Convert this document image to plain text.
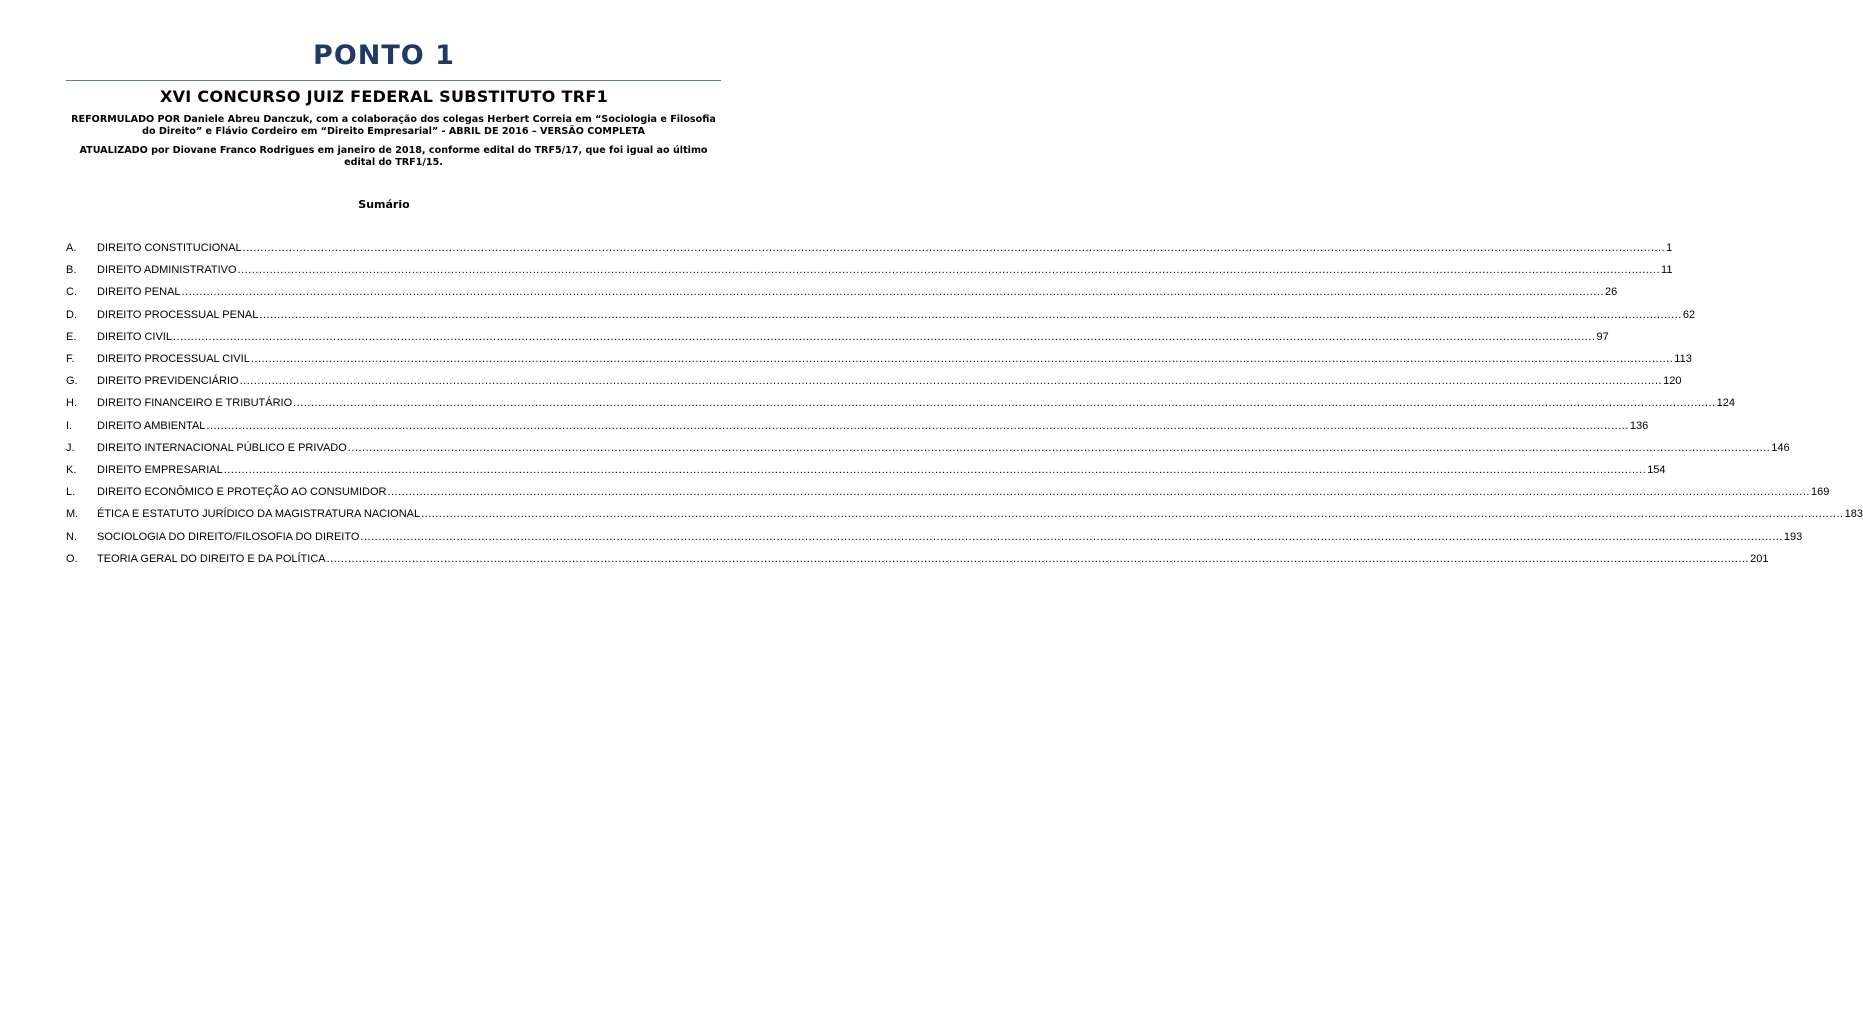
PONTO 1
XVI CONCURSO JUIZ FEDERAL SUBSTITUTO TRF1

REFORMULADO POR Daniele Abreu Danczuk, com a colaboração dos colegas Herbert Correia em “Sociologia e Filosofia do Direito” e Flávio Cordeiro em “Direito Empresarial” - ABRIL DE 2016 – VERSÃO COMPLETA

ATUALIZADO por Diovane Franco Rodrigues em janeiro de 2018, conforme edital do TRF5/17, que foi igual ao último edital do TRF1/15.

Sumário
A.	DIREITO CONSTITUCIONAL ................................................................................................................................................................................................................................................................................................................................................................................................................ 1
B.	DIREITO ADMINISTRATIVO ................................................................................................................................................................................................................................................................................................................................................................................................................ 11
C.	DIREITO PENAL ................................................................................................................................................................................................................................................................................................................................................................................................................ 26
D.	DIREITO PROCESSUAL PENAL ................................................................................................................................................................................................................................................................................................................................................................................................................ 62
E.	DIREITO CIVIL ................................................................................................................................................................................................................................................................................................................................................................................................................ 97
F.	DIREITO PROCESSUAL CIVIL ................................................................................................................................................................................................................................................................................................................................................................................................................ 113
G.	DIREITO PREVIDENCIÁRIO ................................................................................................................................................................................................................................................................................................................................................................................................................ 120
H.	DIREITO FINANCEIRO E TRIBUTÁRIO ................................................................................................................................................................................................................................................................................................................................................................................................................ 124
I.	DIREITO AMBIENTAL ................................................................................................................................................................................................................................................................................................................................................................................................................ 136
J.	DIREITO INTERNACIONAL PÚBLICO E PRIVADO ................................................................................................................................................................................................................................................................................................................................................................................................................ 146
K.	DIREITO EMPRESARIAL ................................................................................................................................................................................................................................................................................................................................................................................................................ 154
L.	DIREITO ECONÔMICO E PROTEÇÃO AO CONSUMIDOR ................................................................................................................................................................................................................................................................................................................................................................................................................ 169
M.	ÉTICA E ESTATUTO JURÍDICO DA MAGISTRATURA NACIONAL ................................................................................................................................................................................................................................................................................................................................................................................................................ 183
N.	SOCIOLOGIA DO DIREITO/FILOSOFIA DO DIREITO ................................................................................................................................................................................................................................................................................................................................................................................................................ 193
O.	TEORIA GERAL DO DIREITO E DA POLÍTICA ................................................................................................................................................................................................................................................................................................................................................................................................................ 201
